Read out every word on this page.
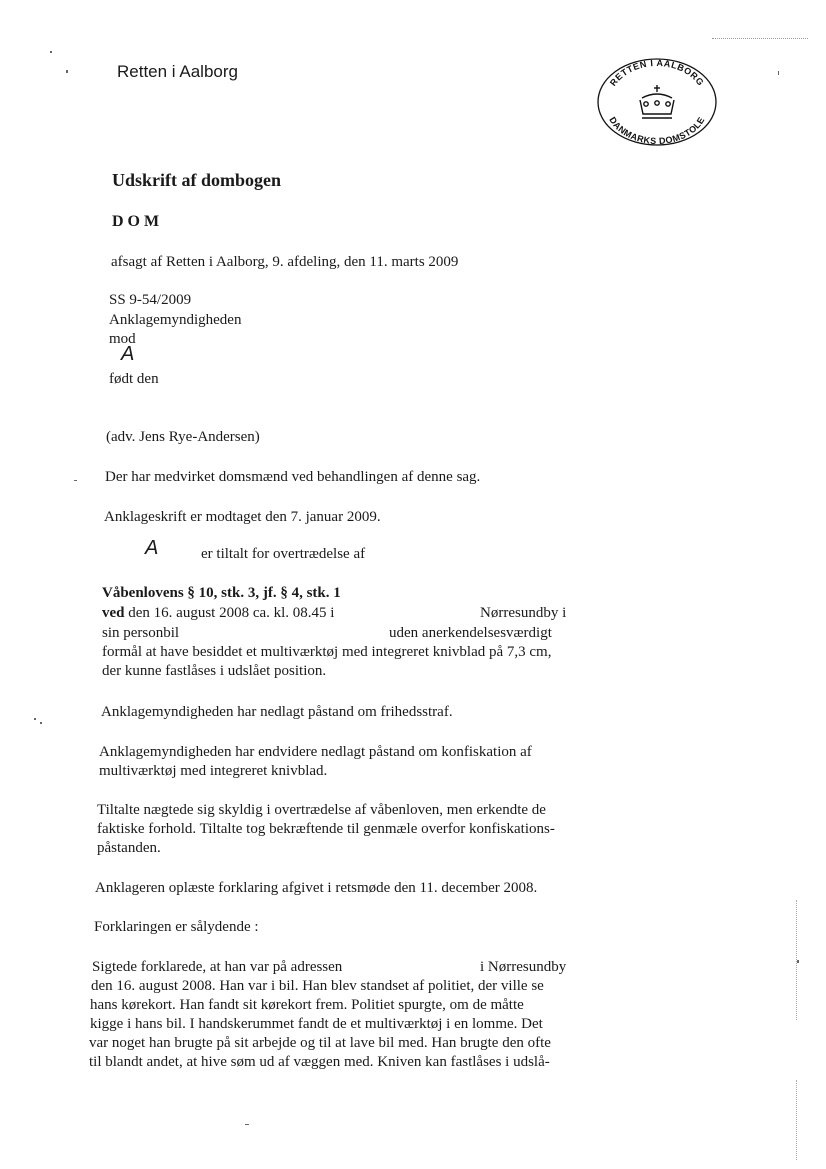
Retten i Aalborg
RETTEN I AALBORG
DANMARKS DOMSTOLE
Udskrift af dombogen
D O M
afsagt af Retten i Aalborg, 9. afdeling, den 11. marts 2009
SS 9-54/2009
Anklagemyndigheden
mod
A
født den
(adv. Jens Rye-Andersen)
Der har medvirket domsmænd ved behandlingen af denne sag.
Anklageskrift er modtaget den 7. januar 2009.
A	er tiltalt for overtrædelse af
Våbenlovens § 10, stk. 3, jf. § 4, stk. 1
ved den 16. august 2008 ca. kl. 08.45 i	Nørresundby i
sin personbil	uden anerkendelsesværdigt
formål at have besiddet et multiværktøj med integreret knivblad på 7,3 cm,
der kunne fastlåses i udslået position.
Anklagemyndigheden har nedlagt påstand om frihedsstraf.
Anklagemyndigheden har endvidere nedlagt påstand om konfiskation af
multiværktøj med integreret knivblad.
Tiltalte nægtede sig skyldig i overtrædelse af våbenloven, men erkendte de
faktiske forhold. Tiltalte tog bekræftende til genmæle overfor konfiskations-
påstanden.
Anklageren oplæste forklaring afgivet i retsmøde den 11. december 2008.
Forklaringen er sålydende :
Sigtede forklarede, at han var på adressen	i Nørresundby
den 16. august 2008. Han var i bil. Han blev standset af politiet, der ville se
hans kørekort. Han fandt sit kørekort frem. Politiet spurgte, om de måtte
kigge i hans bil. I handskerummet fandt de et multiværktøj i en lomme. Det
var noget han brugte på sit arbejde og til at lave bil med. Han brugte den ofte
til blandt andet, at hive søm ud af væggen med. Kniven kan fastlåses i udslå-
